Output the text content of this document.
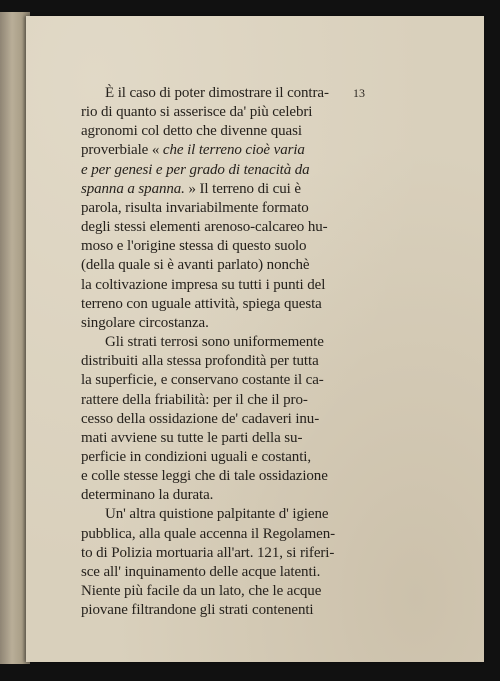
13
È il caso di poter dimostrare il contra-
rio di quanto si asserisce da' più celebri
agronomi col detto che divenne quasi
proverbiale « che il terreno cioè varia
e per genesi e per grado di tenacità da
spanna a spanna. » Il terreno di cui è
parola, risulta invariabilmente formato
degli stessi elementi arenoso-calcareo hu-
moso e l'origine stessa di questo suolo
(della quale si è avanti parlato) nonchè
la coltivazione impresa su tutti i punti del
terreno con uguale attività, spiega questa
singolare circostanza.
Gli strati terrosi sono uniformemente
distribuiti alla stessa profondità per tutta
la superficie, e conservano costante il ca-
rattere della friabilità: per il che il pro-
cesso della ossidazione de' cadaveri inu-
mati avviene su tutte le parti della su-
perficie in condizioni uguali e costanti,
e colle stesse leggi che di tale ossidazione
determinano la durata.
Un' altra quistione palpitante d' igiene
pubblica, alla quale accenna il Regolamen-
to di Polizia mortuaria all'art. 121, si riferi-
sce all' inquinamento delle acque latenti.
Niente più facile da un lato, che le acque
piovane filtrandone gli strati contenenti
